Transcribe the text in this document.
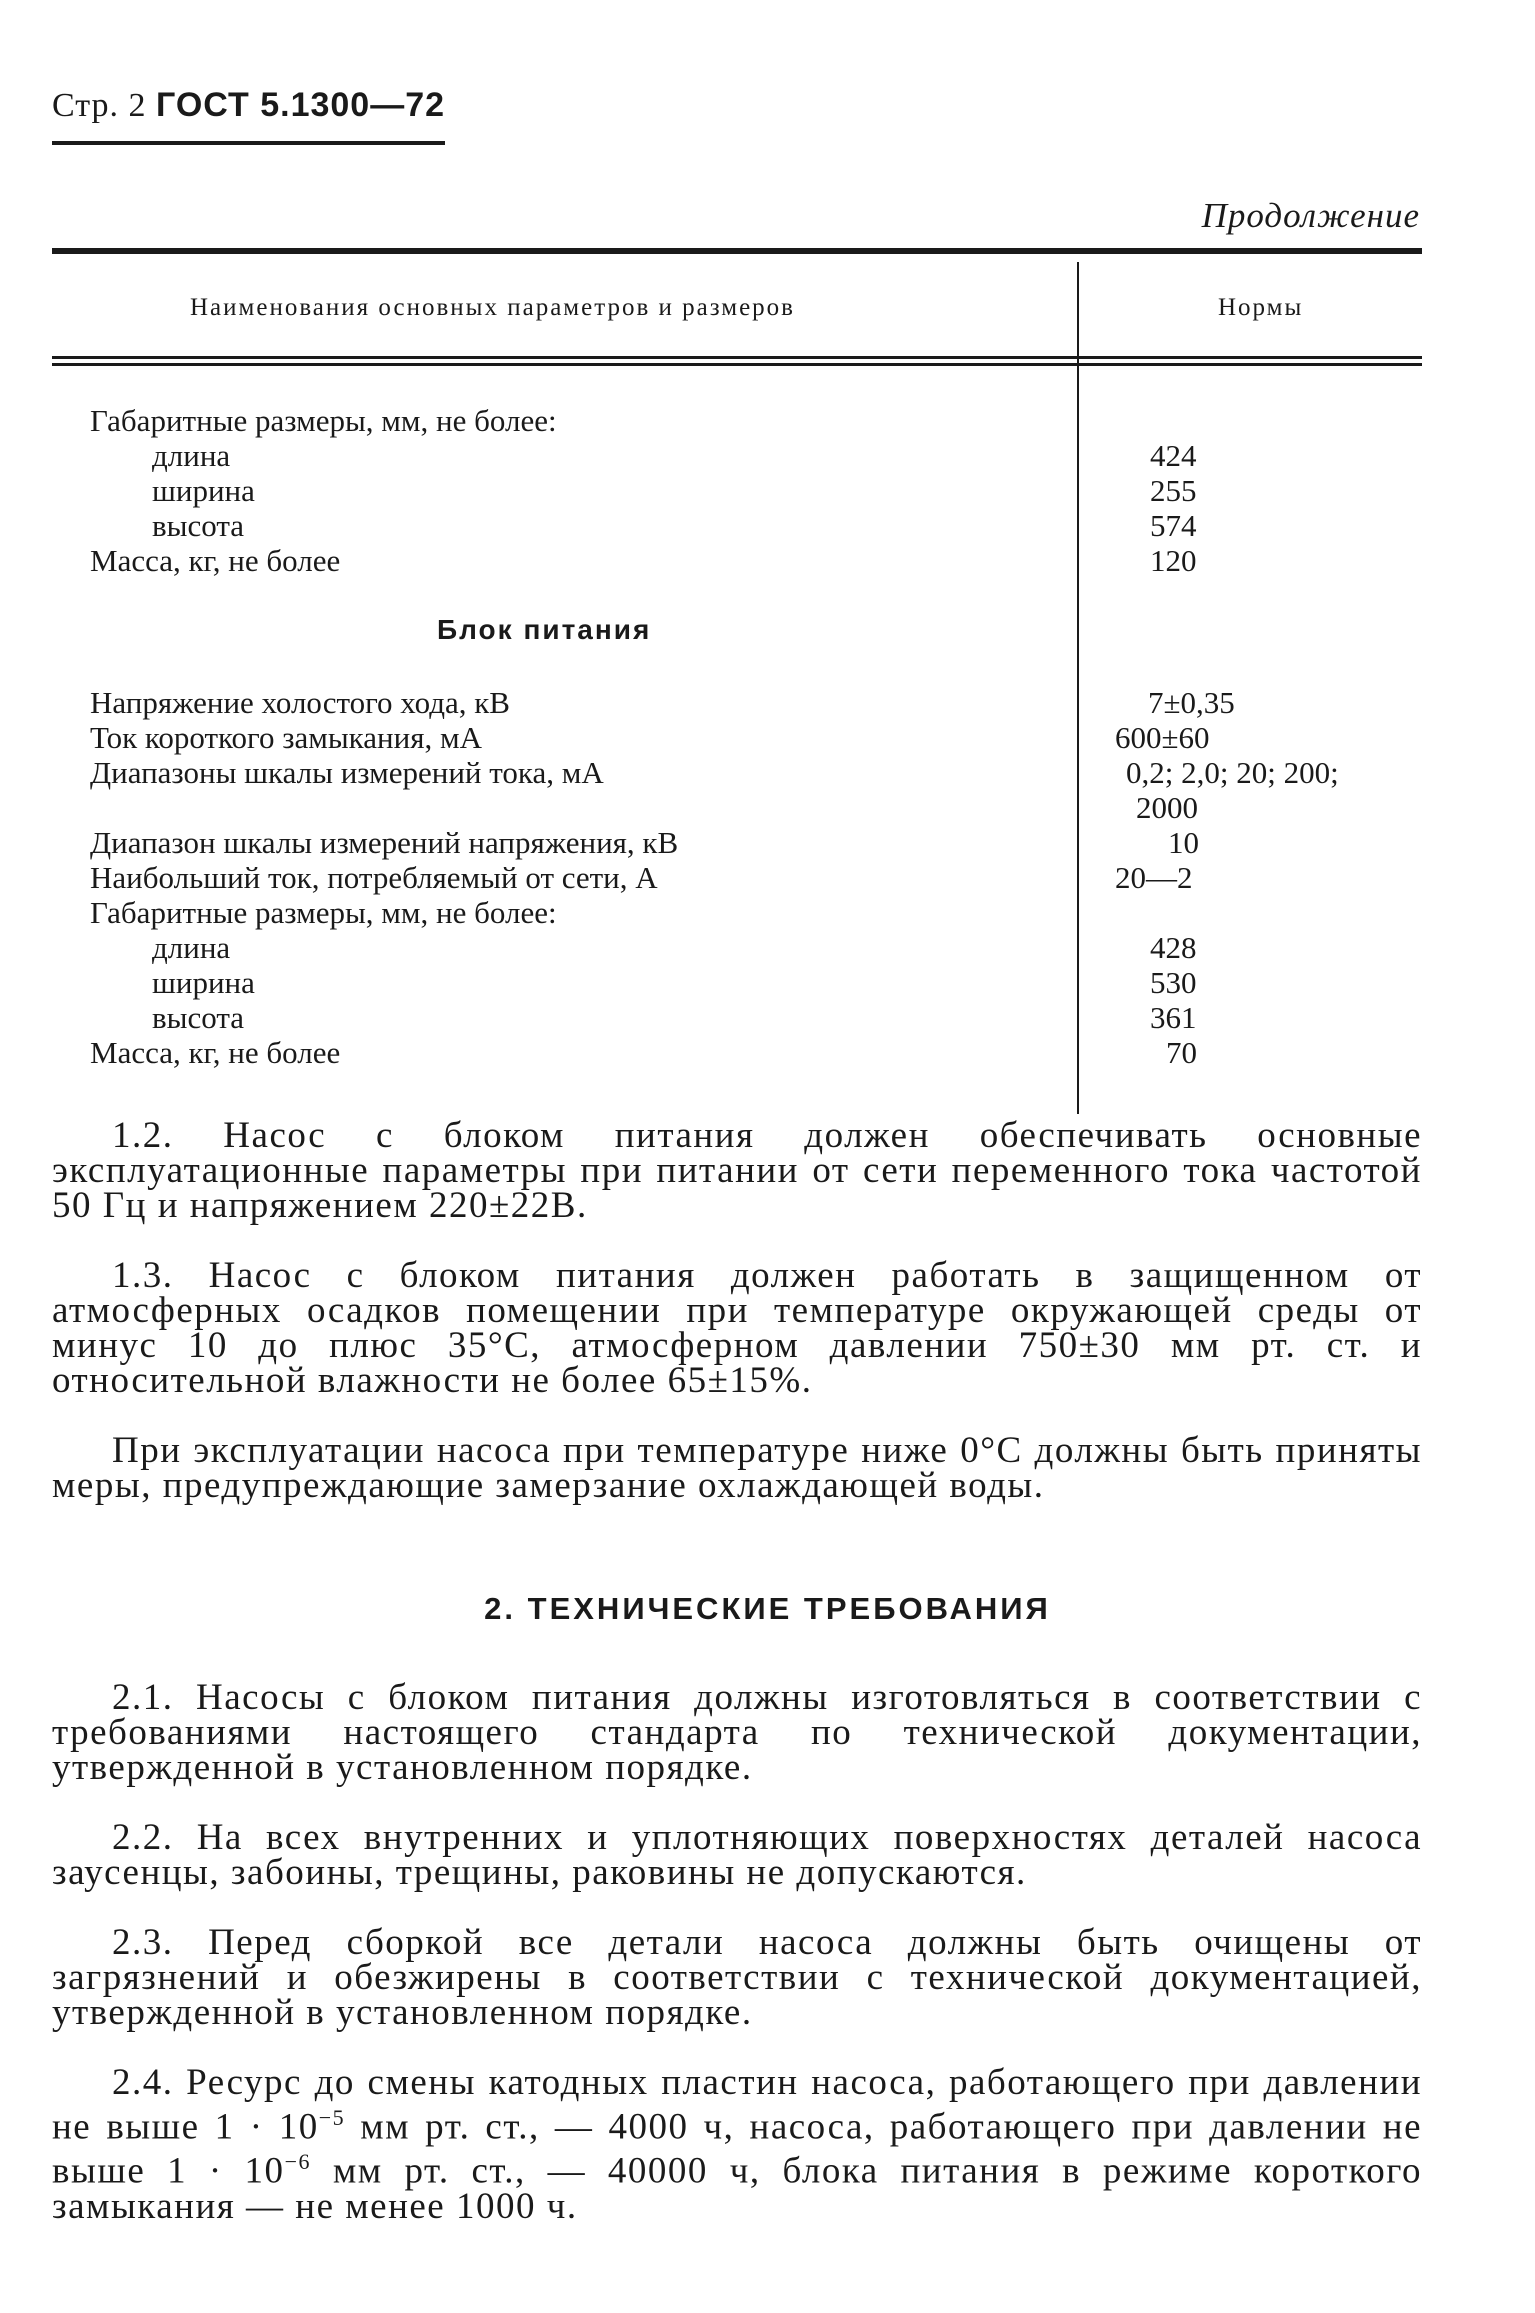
Стр. 2 ГОСТ 5.1300—72
Продолжение
Наименования основных параметров и размеров	Нормы
Габаритные размеры, мм, не более:
длина	424
ширина	255
высота	574
Масса, кг, не более	120
Блок питания
Напряжение холостого хода, кВ	7±0,35
Ток короткого замыкания, мА	600±60
Диапазоны шкалы измерений тока, мА	0,2; 2,0; 20; 200;
2000
Диапазон шкалы измерений напряжения, кВ	10
Наибольший ток, потребляемый от сети, А	20—2
Габаритные размеры, мм, не более:
длина	428
ширина	530
высота	361
Масса, кг, не более	70
1.2. Насос с блоком питания должен обеспечивать основные эксплуатационные параметры при питании от сети переменного тока частотой 50 Гц и напряжением 220±22В.
1.3. Насос с блоком питания должен работать в защищенном от атмосферных осадков помещении при температуре окружающей среды от минус 10 до плюс 35°С, атмосферном давлении 750±30 мм рт. ст. и относительной влажности не более 65±15%.
При эксплуатации насоса при температуре ниже 0°С должны быть приняты меры, предупреждающие замерзание охлаждающей воды.
2. ТЕХНИЧЕСКИЕ ТРЕБОВАНИЯ
2.1. Насосы с блоком питания должны изготовляться в соответствии с требованиями настоящего стандарта по технической документации, утвержденной в установленном порядке.
2.2. На всех внутренних и уплотняющих поверхностях деталей насоса заусенцы, забоины, трещины, раковины не допускаются.
2.3. Перед сборкой все детали насоса должны быть очищены от загрязнений и обезжирены в соответствии с технической документацией, утвержденной в установленном порядке.
2.4. Ресурс до смены катодных пластин насоса, работающего при давлении не выше $1 \cdot 10^{-5}$ мм рт. ст., — 4000 ч, насоса, работающего при давлении не выше $1 \cdot 10^{-6}$ мм рт. ст., — 40000 ч, блока питания в режиме короткого замыкания — не менее 1000 ч.
